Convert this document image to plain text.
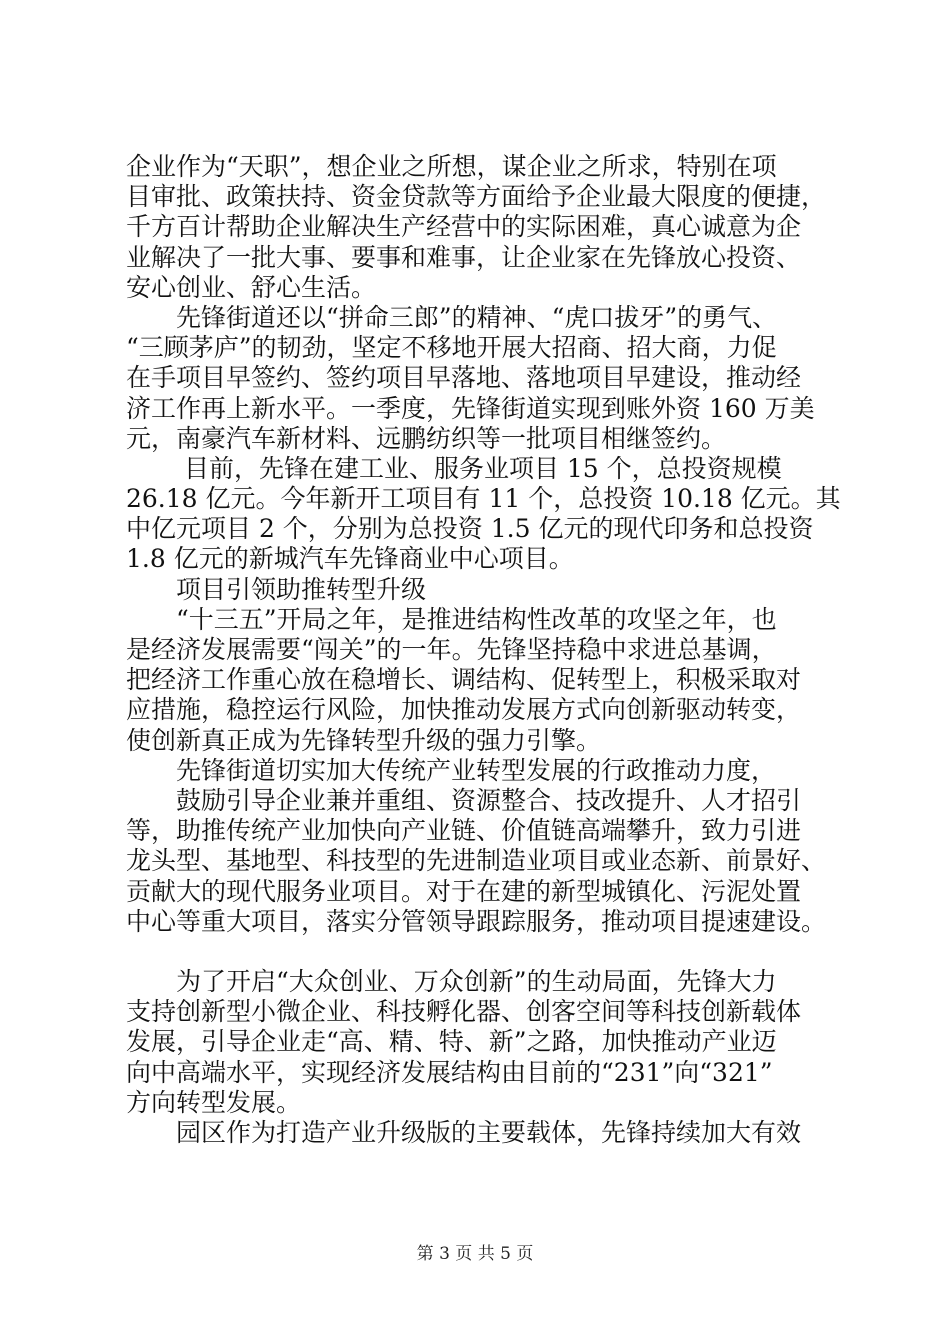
企业作为“天职”，想企业之所想，谋企业之所求，特别在项
目审批、政策扶持、资金贷款等方面给予企业最大限度的便捷，
千方百计帮助企业解决生产经营中的实际困难，真心诚意为企
业解决了一批大事、要事和难事，让企业家在先锋放心投资、
安心创业、舒心生活。
　　先锋街道还以“拼命三郎”的精神、“虎口拔牙”的勇气、
“三顾茅庐”的韧劲，坚定不移地开展大招商、招大商，力促
在手项目早签约、签约项目早落地、落地项目早建设，推动经
济工作再上新水平。一季度，先锋街道实现到账外资 160 万美
元，南豪汽车新材料、远鹏纺织等一批项目相继签约。
　　 目前，先锋在建工业、服务业项目 15 个，总投资规模
26.18 亿元。今年新开工项目有 11 个，总投资 10.18 亿元。其
中亿元项目 2 个，分别为总投资 1.5 亿元的现代印务和总投资
1.8 亿元的新城汽车先锋商业中心项目。
　　项目引领助推转型升级
　　“十三五”开局之年，是推进结构性改革的攻坚之年，也
是经济发展需要“闯关”的一年。先锋坚持稳中求进总基调，
把经济工作重心放在稳增长、调结构、促转型上，积极采取对
应措施，稳控运行风险，加快推动发展方式向创新驱动转变，
使创新真正成为先锋转型升级的强力引擎。
　　先锋街道切实加大传统产业转型发展的行政推动力度，
　　鼓励引导企业兼并重组、资源整合、技改提升、人才招引
等，助推传统产业加快向产业链、价值链高端攀升，致力引进
龙头型、基地型、科技型的先进制造业项目或业态新、前景好、
贡献大的现代服务业项目。对于在建的新型城镇化、污泥处置
中心等重大项目，落实分管领导跟踪服务，推动项目提速建设。
　　为了开启“大众创业、万众创新”的生动局面，先锋大力
支持创新型小微企业、科技孵化器、创客空间等科技创新载体
发展，引导企业走“高、精、特、新”之路，加快推动产业迈
向中高端水平，实现经济发展结构由目前的“231”向“321”
方向转型发展。
　　园区作为打造产业升级版的主要载体，先锋持续加大有效
第 3 页 共 5 页
